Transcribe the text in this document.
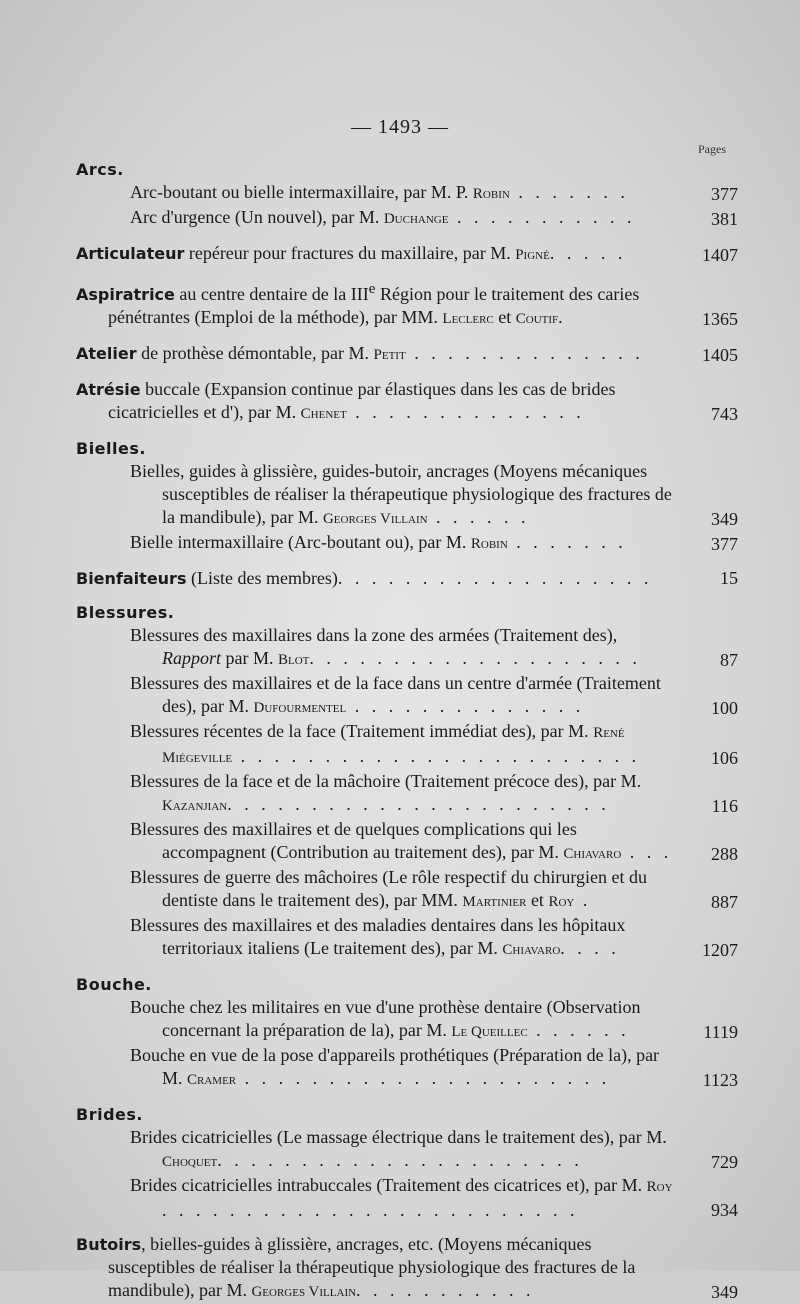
— 1493 —
Pages
Arcs.
Arc-boutant ou bielle intermaxillaire, par M. P. Robin . . . . . . .	377
Arc d'urgence (Un nouvel), par M. Duchange . . . . . . . . . . .	381
Articulateur repéreur pour fractures du maxillaire, par M. Pigné. . . . .	1407
Aspiratrice au centre dentaire de la IIIe Région pour le traitement des caries pénétrantes (Emploi de la méthode), par MM. Leclerc et Coutif.	1365
Atelier de prothèse démontable, par M. Petit . . . . . . . . . . . . . .	1405
Atrésie buccale (Expansion continue par élastiques dans les cas de brides cicatricielles et d'), par M. Chenet . . . . . . . . . . . . . .	743
Bielles.
Bielles, guides à glissière, guides-butoir, ancrages (Moyens mécaniques susceptibles de réaliser la thérapeutique physiologique des fractures de la mandibule), par M. Georges Villain . . . . . .	349
Bielle intermaxillaire (Arc-boutant ou), par M. Robin . . . . . . .	377
Bienfaiteurs (Liste des membres). . . . . . . . . . . . . . . . . . .	15
Blessures.
Blessures des maxillaires dans la zone des armées (Traitement des), Rapport par M. Blot. . . . . . . . . . . . . . . . . . . .	87
Blessures des maxillaires et de la face dans un centre d'armée (Traitement des), par M. Dufourmentel . . . . . . . . . . . . . .	100
Blessures récentes de la face (Traitement immédiat des), par M. René Miégeville . . . . . . . . . . . . . . . . . . . . . . . .	106
Blessures de la face et de la mâchoire (Traitement précoce des), par M. Kazanjian. . . . . . . . . . . . . . . . . . . . . . .	116
Blessures des maxillaires et de quelques complications qui les accompagnent (Contribution au traitement des), par M. Chiavaro . . .	288
Blessures de guerre des mâchoires (Le rôle respectif du chirurgien et du dentiste dans le traitement des), par MM. Martinier et Roy .	887
Blessures des maxillaires et des maladies dentaires dans les hôpitaux territoriaux italiens (Le traitement des), par M. Chiavaro. . . .	1207
Bouche.
Bouche chez les militaires en vue d'une prothèse dentaire (Observation concernant la préparation de la), par M. Le Queillec . . . . . .	1119
Bouche en vue de la pose d'appareils prothétiques (Préparation de la), par M. Cramer . . . . . . . . . . . . . . . . . . . . . .	1123
Brides.
Brides cicatricielles (Le massage électrique dans le traitement des), par M. Choquet. . . . . . . . . . . . . . . . . . . . . .	729
Brides cicatricielles intrabuccales (Traitement des cicatrices et), par M. Roy . . . . . . . . . . . . . . . . . . . . . . . . .	934
Butoirs, bielles-guides à glissière, ancrages, etc. (Moyens mécaniques susceptibles de réaliser la thérapeutique physiologique des fractures de la mandibule), par M. Georges Villain. . . . . . . . . . .	349
